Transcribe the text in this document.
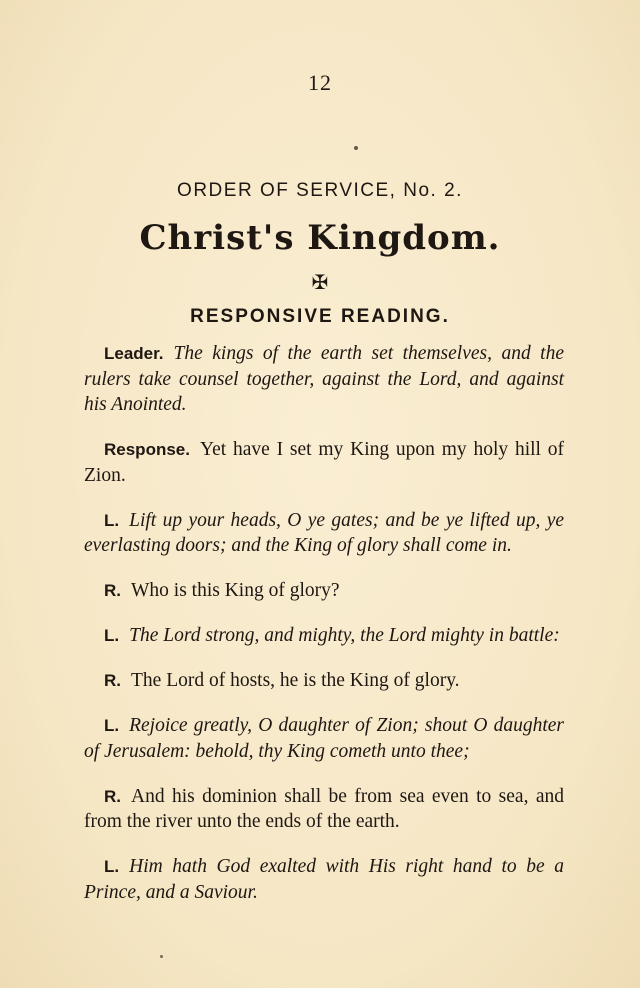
12
ORDER OF SERVICE, No. 2.
Christ's Kingdom.
✠
RESPONSIVE READING.

Leader. The kings of the earth set themselves, and the rulers take counsel together, against the Lord, and against his Anointed.

Response. Yet have I set my King upon my holy hill of Zion.

L. Lift up your heads, O ye gates; and be ye lifted up, ye everlasting doors; and the King of glory shall come in.

R. Who is this King of glory?

L. The Lord strong, and mighty, the Lord mighty in battle:

R. The Lord of hosts, he is the King of glory.

L. Rejoice greatly, O daughter of Zion; shout O daughter of Jerusalem: behold, thy King cometh unto thee;

R. And his dominion shall be from sea even to sea, and from the river unto the ends of the earth.

L. Him hath God exalted with His right hand to be a Prince, and a Saviour.
